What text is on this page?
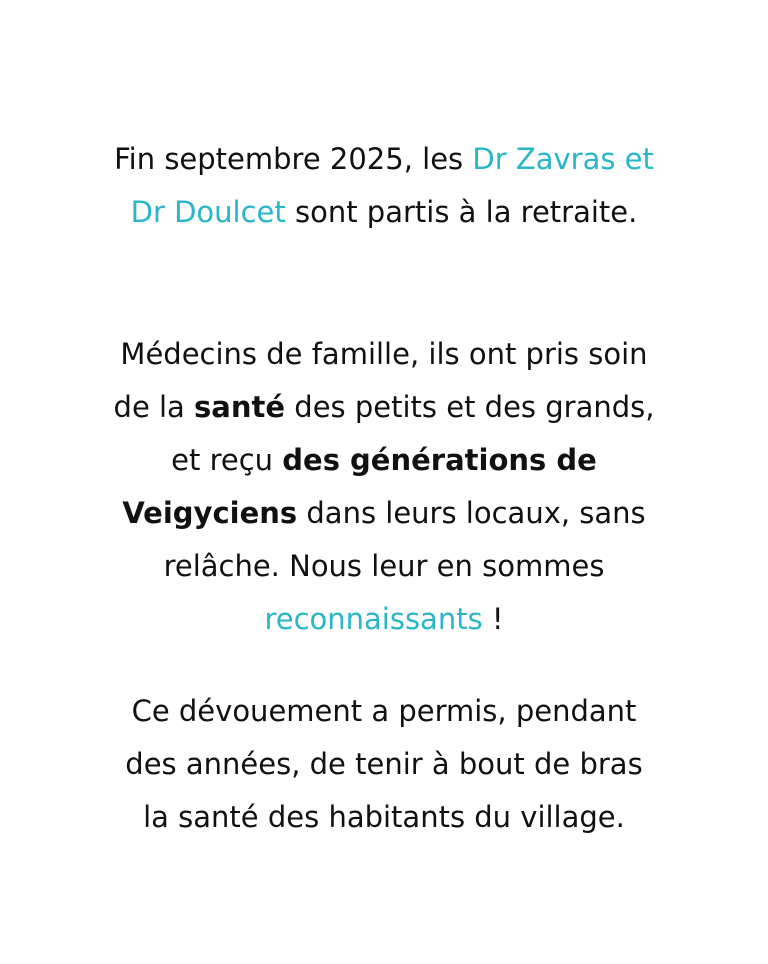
Fin septembre 2025, les Dr Zavras et
Dr Doulcet sont partis à la retraite.

Médecins de famille, ils ont pris soin
de la santé des petits et des grands,
et reçu des générations de
Veigyciens dans leurs locaux, sans
relâche. Nous leur en sommes
reconnaissants !

Ce dévouement a permis, pendant
des années, de tenir à bout de bras
la santé des habitants du village.
